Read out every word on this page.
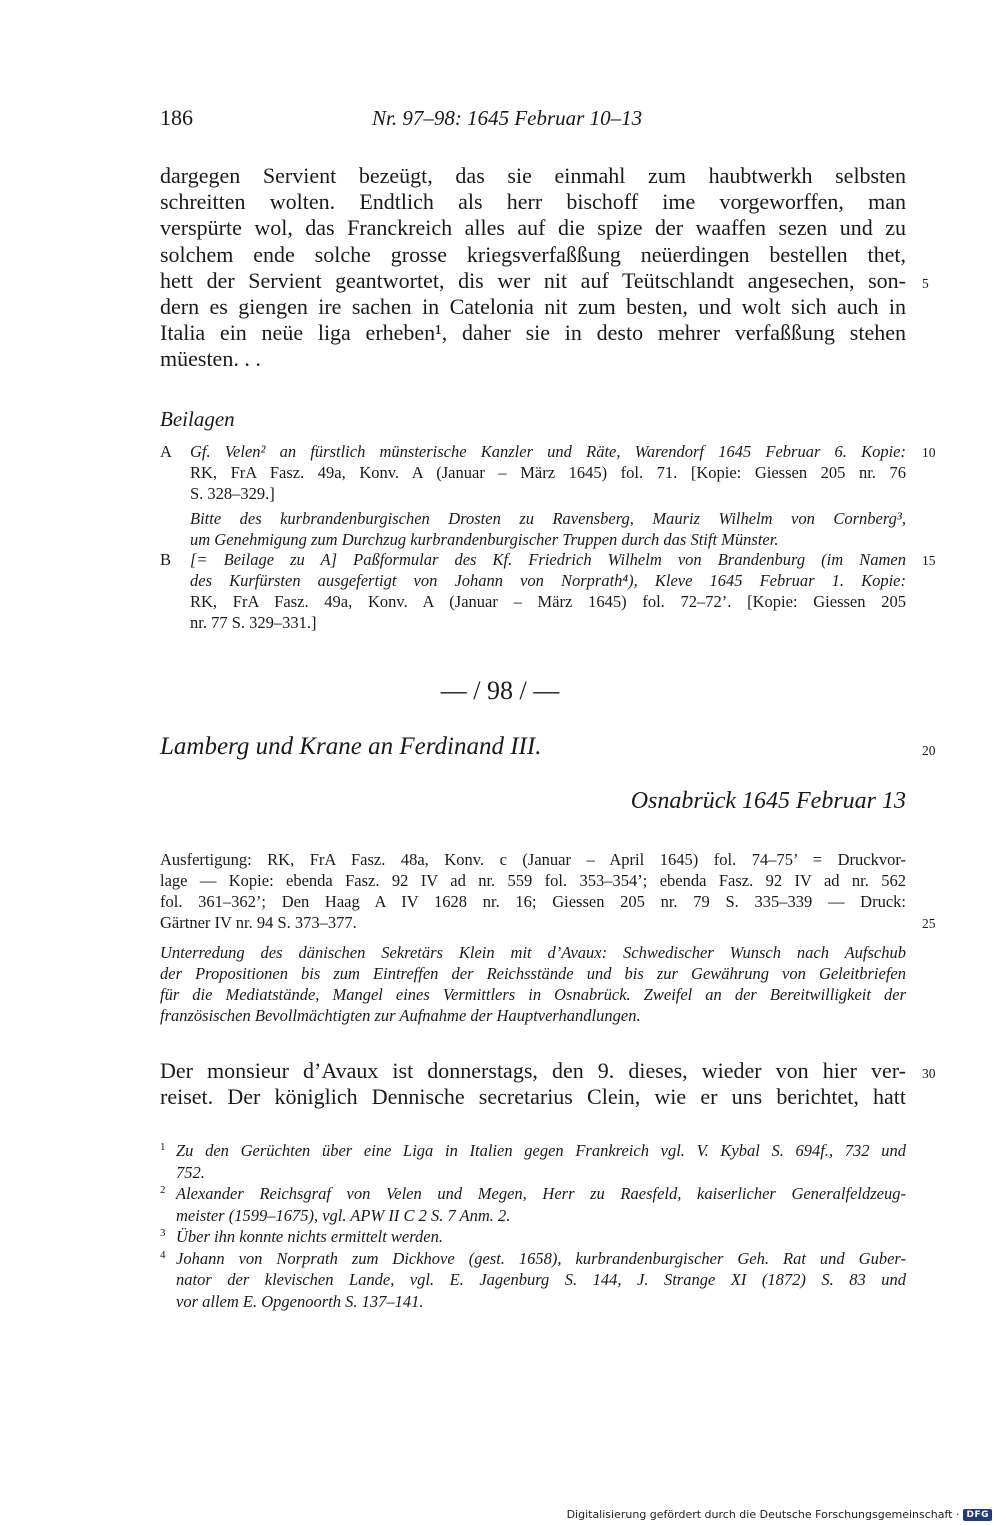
186	Nr. 97–98: 1645 Februar 10–13
dargegen Servient bezeügt, das sie einmahl zum haubtwerkh selbsten
schreitten wolten. Endtlich als herr bischoff ime vorgeworffen, man
verspürte wol, das Franckreich alles auf die spize der waaffen sezen und zu
solchem ende solche grosse kriegsverfaßßung neüerdingen bestellen thet,
hett der Servient geantwortet, dis wer nit auf Teütschlandt angesechen, son-
dern es giengen ire sachen in Catelonia nit zum besten, und wolt sich auch in
Italia ein neüe liga erheben¹, daher sie in desto mehrer verfaßßung stehen
müesten. . .
Beilagen
A Gf. Velen² an fürstlich münsterische Kanzler und Räte, Warendorf 1645 Februar 6. Kopie:
RK, FrA Fasz. 49a, Konv. A (Januar – März 1645) fol. 71. [Kopie: Giessen 205 nr. 76
S. 328–329.]
Bitte des kurbrandenburgischen Drosten zu Ravensberg, Mauriz Wilhelm von Cornberg³,
um Genehmigung zum Durchzug kurbrandenburgischer Truppen durch das Stift Münster.
B [= Beilage zu A] Paßformular des Kf. Friedrich Wilhelm von Brandenburg (im Namen
des Kurfürsten ausgefertigt von Johann von Norprath⁴), Kleve 1645 Februar 1. Kopie:
RK, FrA Fasz. 49a, Konv. A (Januar – März 1645) fol. 72–72’. [Kopie: Giessen 205
nr. 77 S. 329–331.]
— / 98 / —
Lamberg und Krane an Ferdinand III.
Osnabrück 1645 Februar 13
Ausfertigung: RK, FrA Fasz. 48a, Konv. c (Januar – April 1645) fol. 74–75’ = Druckvor-
lage — Kopie: ebenda Fasz. 92 IV ad nr. 559 fol. 353–354’; ebenda Fasz. 92 IV ad nr. 562
fol. 361–362’; Den Haag A IV 1628 nr. 16; Giessen 205 nr. 79 S. 335–339 — Druck:
Gärtner IV nr. 94 S. 373–377.
Unterredung des dänischen Sekretärs Klein mit d’Avaux: Schwedischer Wunsch nach Aufschub
der Propositionen bis zum Eintreffen der Reichsstände und bis zur Gewährung von Geleitbriefen
für die Mediatstände, Mangel eines Vermittlers in Osnabrück. Zweifel an der Bereitwilligkeit der
französischen Bevollmächtigten zur Aufnahme der Hauptverhandlungen.
Der monsieur d’Avaux ist donnerstags, den 9. dieses, wieder von hier ver-
reiset. Der königlich Dennische secretarius Clein, wie er uns berichtet, hatt
5
10
15
20
25
30
1 Zu den Gerüchten über eine Liga in Italien gegen Frankreich vgl. V. Kybal S. 694f., 732 und
752.
2 Alexander Reichsgraf von Velen und Megen, Herr zu Raesfeld, kaiserlicher Generalfeldzeug-
meister (1599–1675), vgl. APW II C 2 S. 7 Anm. 2.
3 Über ihn konnte nichts ermittelt werden.
4 Johann von Norprath zum Dickhove (gest. 1658), kurbrandenburgischer Geh. Rat und Guber-
nator der klevischen Lande, vgl. E. Jagenburg S. 144, J. Strange XI (1872) S. 83 und
vor allem E. Opgenoorth S. 137–141.
Digitalisierung gefördert durch die Deutsche Forschungsgemeinschaft · DFG
